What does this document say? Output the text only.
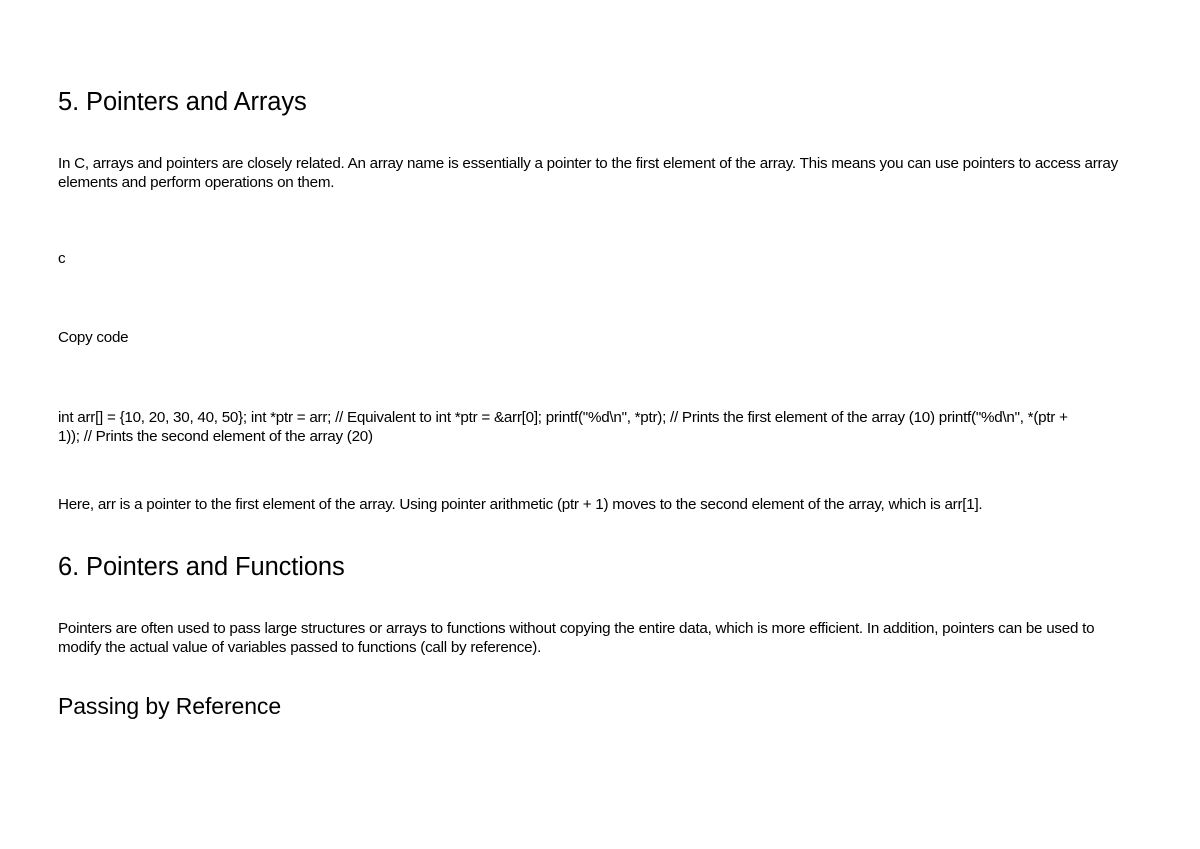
5. Pointers and Arrays

In C, arrays and pointers are closely related. An array name is essentially a pointer to the first element of the array. This means you can use pointers to access array elements and perform operations on them.

c

Copy code

int arr[] = {10, 20, 30, 40, 50}; int *ptr = arr; // Equivalent to int *ptr = &arr[0]; printf("%d\n", *ptr); // Prints the first element of the array (10) printf("%d\n", *(ptr + 1)); // Prints the second element of the array (20)

Here, arr is a pointer to the first element of the array. Using pointer arithmetic (ptr + 1) moves to the second element of the array, which is arr[1].

6. Pointers and Functions

Pointers are often used to pass large structures or arrays to functions without copying the entire data, which is more efficient. In addition, pointers can be used to modify the actual value of variables passed to functions (call by reference).

Passing by Reference
